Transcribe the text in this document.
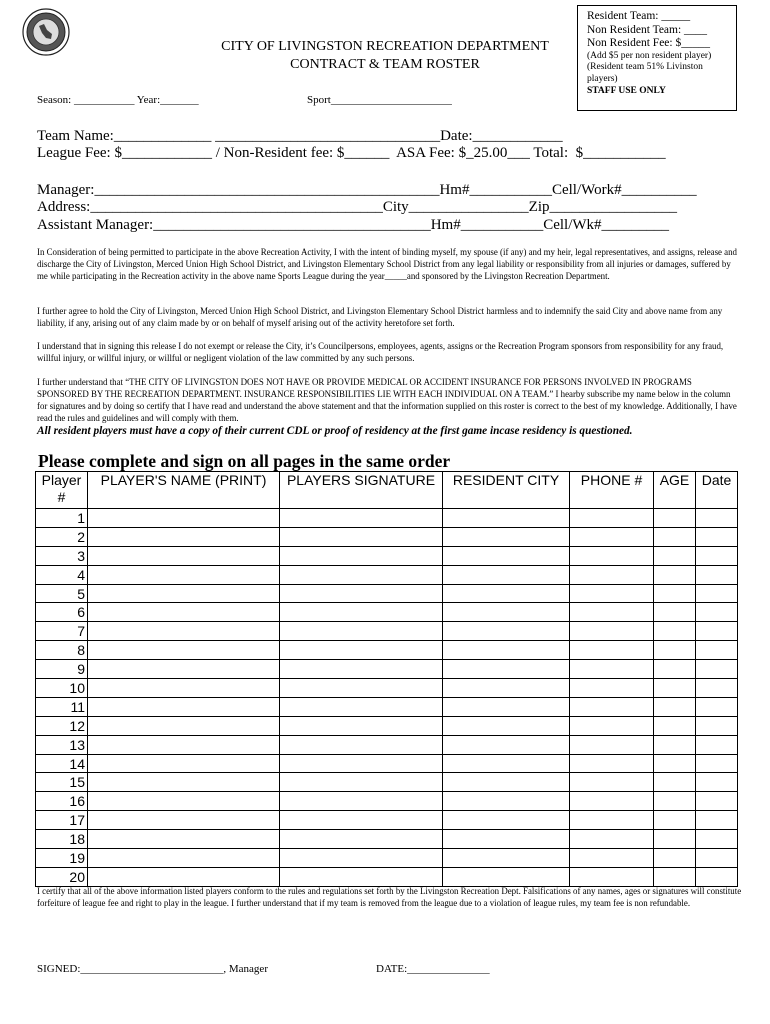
CITY OF LIVINGSTON RECREATION DEPARTMENT
CONTRACT & TEAM ROSTER
Resident Team: _____
Non Resident Team: ____
Non Resident Fee: $_____
(Add $5 per non resident player) (Resident team 51% Livinston players)
STAFF USE ONLY
Season: ___________ Year:_______	Sport______________________
Team Name:_____________ ______________________________Date:____________
League Fee: $____________ / Non-Resident fee: $______  ASA Fee: $_25.00___ Total:  $___________
Manager:______________________________________________Hm#___________Cell/Work#__________
Address:_______________________________________City________________Zip_________________
Assistant Manager:_____________________________________Hm#___________Cell/Wk#_________
In Consideration of being permitted to participate in the above Recreation Activity, I with the intent of binding myself, my spouse (if any) and my heir, legal representatives, and assigns, release and discharge the City of Livingston, Merced Union High School District, and Livingston Elementary School District from any legal liability or responsibility from all injuries or damages, suffered by me while participating in the Recreation activity in the above name Sports League during the year_____and sponsored by the Livingston Recreation Department.
I further agree to hold the City of Livingston, Merced Union High School District, and Livingston Elementary School District harmless and to indemnify the said City and above name from any liability, if any, arising out of any claim made by or on behalf of myself arising out of the activity heretofore set forth.
I understand that in signing this release I do not exempt or release the City, it’s Councilpersons, employees, agents, assigns or the Recreation Program sponsors from responsibility for any fraud, willful injury, or willful injury, or willful or negligent violation of the law committed by any such persons.
I further understand that “THE CITY OF LIVINGSTON DOES NOT HAVE OR PROVIDE MEDICAL OR ACCIDENT INSURANCE FOR PERSONS INVOLVED IN PROGRAMS SPONSORED BY THE RECREATION DEPARTMENT. INSURANCE RESPONSIBILITIES LIE WITH EACH INDIVIDUAL ON A TEAM.” I hearby subscribe my name below in the column for signatures and by doing so certify that I have read and understand the above statement and that the information supplied on this roster is correct to the best of my knowledge. Additionally, I have read the rules and guidelines and will comply with them.
All resident players must have a copy of their current CDL or proof of residency at the first game incase residency is questioned.
Please complete and sign on all pages in the same order
Player #	PLAYER'S NAME (PRINT)	PLAYERS SIGNATURE	RESIDENT CITY	PHONE #	AGE	Date
1						
2						
3						
4						
5						
6						
7						
8						
9						
10						
11						
12						
13						
14						
15						
16						
17						
18						
19						
20						
I certify that all of the above information listed players conform to the rules and regulations set forth by the Livingston Recreation Dept. Falsifications of any names, ages or signatures will constitute forfeiture of league fee and right to play in the league. I further understand that if my team is removed from the league due to a violation of league rules, my team fee is non refundable.
SIGNED:__________________________, Manager	DATE:_______________
